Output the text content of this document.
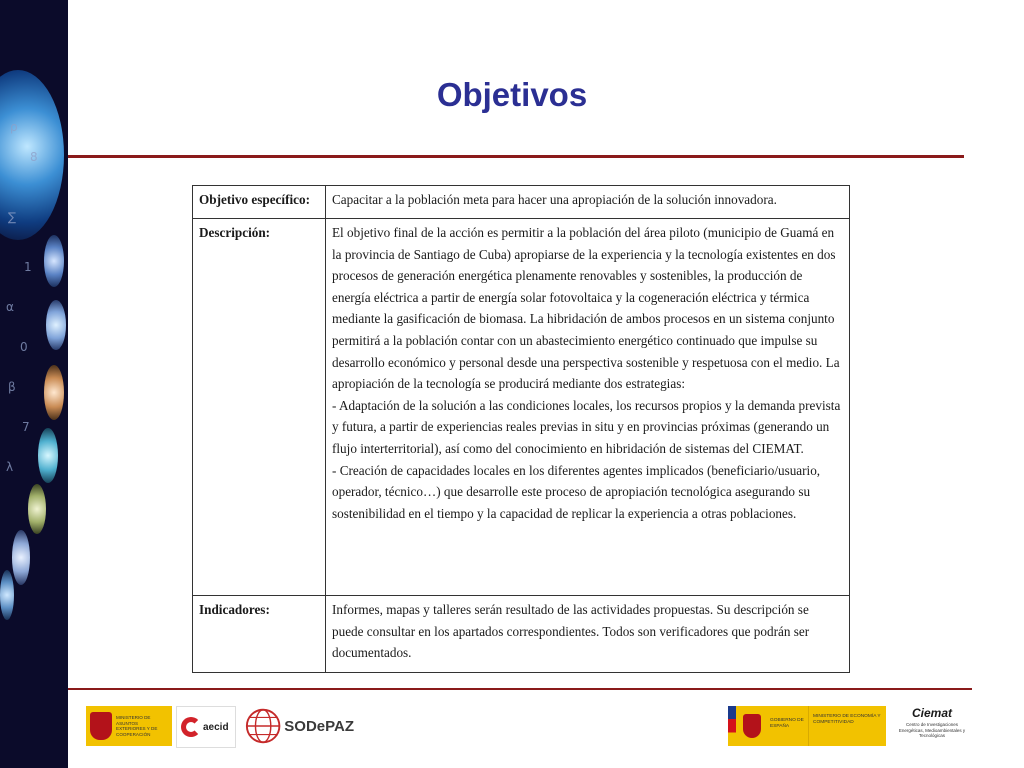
ρ
8
∑
1
α
0
β
7
λ
Objetivos
Objetivo específico:	Capacitar a la población meta para hacer una apropiación de la solución innovadora.

Descripción:	El objetivo final de la acción es permitir a la población del área piloto (municipio de Guamá en la provincia de Santiago de Cuba) apropiarse de la experiencia y la tecnología existentes en dos procesos de generación energética plenamente renovables y sostenibles, la producción de energía eléctrica a partir de energía solar fotovoltaica y la cogeneración eléctrica y térmica mediante la gasificación de biomasa. La hibridación de ambos procesos en un sistema conjunto permitirá a la población contar con un abastecimiento energético continuado que impulse su desarrollo económico y personal desde una perspectiva sostenible y respetuosa con el medio. La apropiación de la tecnología se producirá mediante dos estrategias:
- Adaptación de la solución a las condiciones locales, los recursos propios y la demanda prevista y futura, a partir de experiencias reales previas in situ y en provincias próximas (generando un flujo interterritorial), así como del conocimiento en hibridación de sistemas del CIEMAT.
- Creación de capacidades locales en los diferentes agentes implicados (beneficiario/usuario, operador, técnico…) que desarrolle este proceso de apropiación tecnológica asegurando su sostenibilidad en el tiempo y la capacidad de replicar la experiencia a otras poblaciones.

Indicadores:	Informes, mapas y talleres serán resultado de las actividades propuestas. Su descripción se puede consultar en los apartados correspondientes. Todos son verificadores que podrán ser documentados.
MINISTERIO DE ASUNTOS EXTERIORES Y DE COOPERACIÓN
aecid	SODePAZ	GOBIERNO DE ESPAÑA
MINISTERIO DE ECONOMÍA Y COMPETITIVIDAD
Ciemat
Centro de Investigaciones Energéticas, Medioambientales y Tecnológicas
